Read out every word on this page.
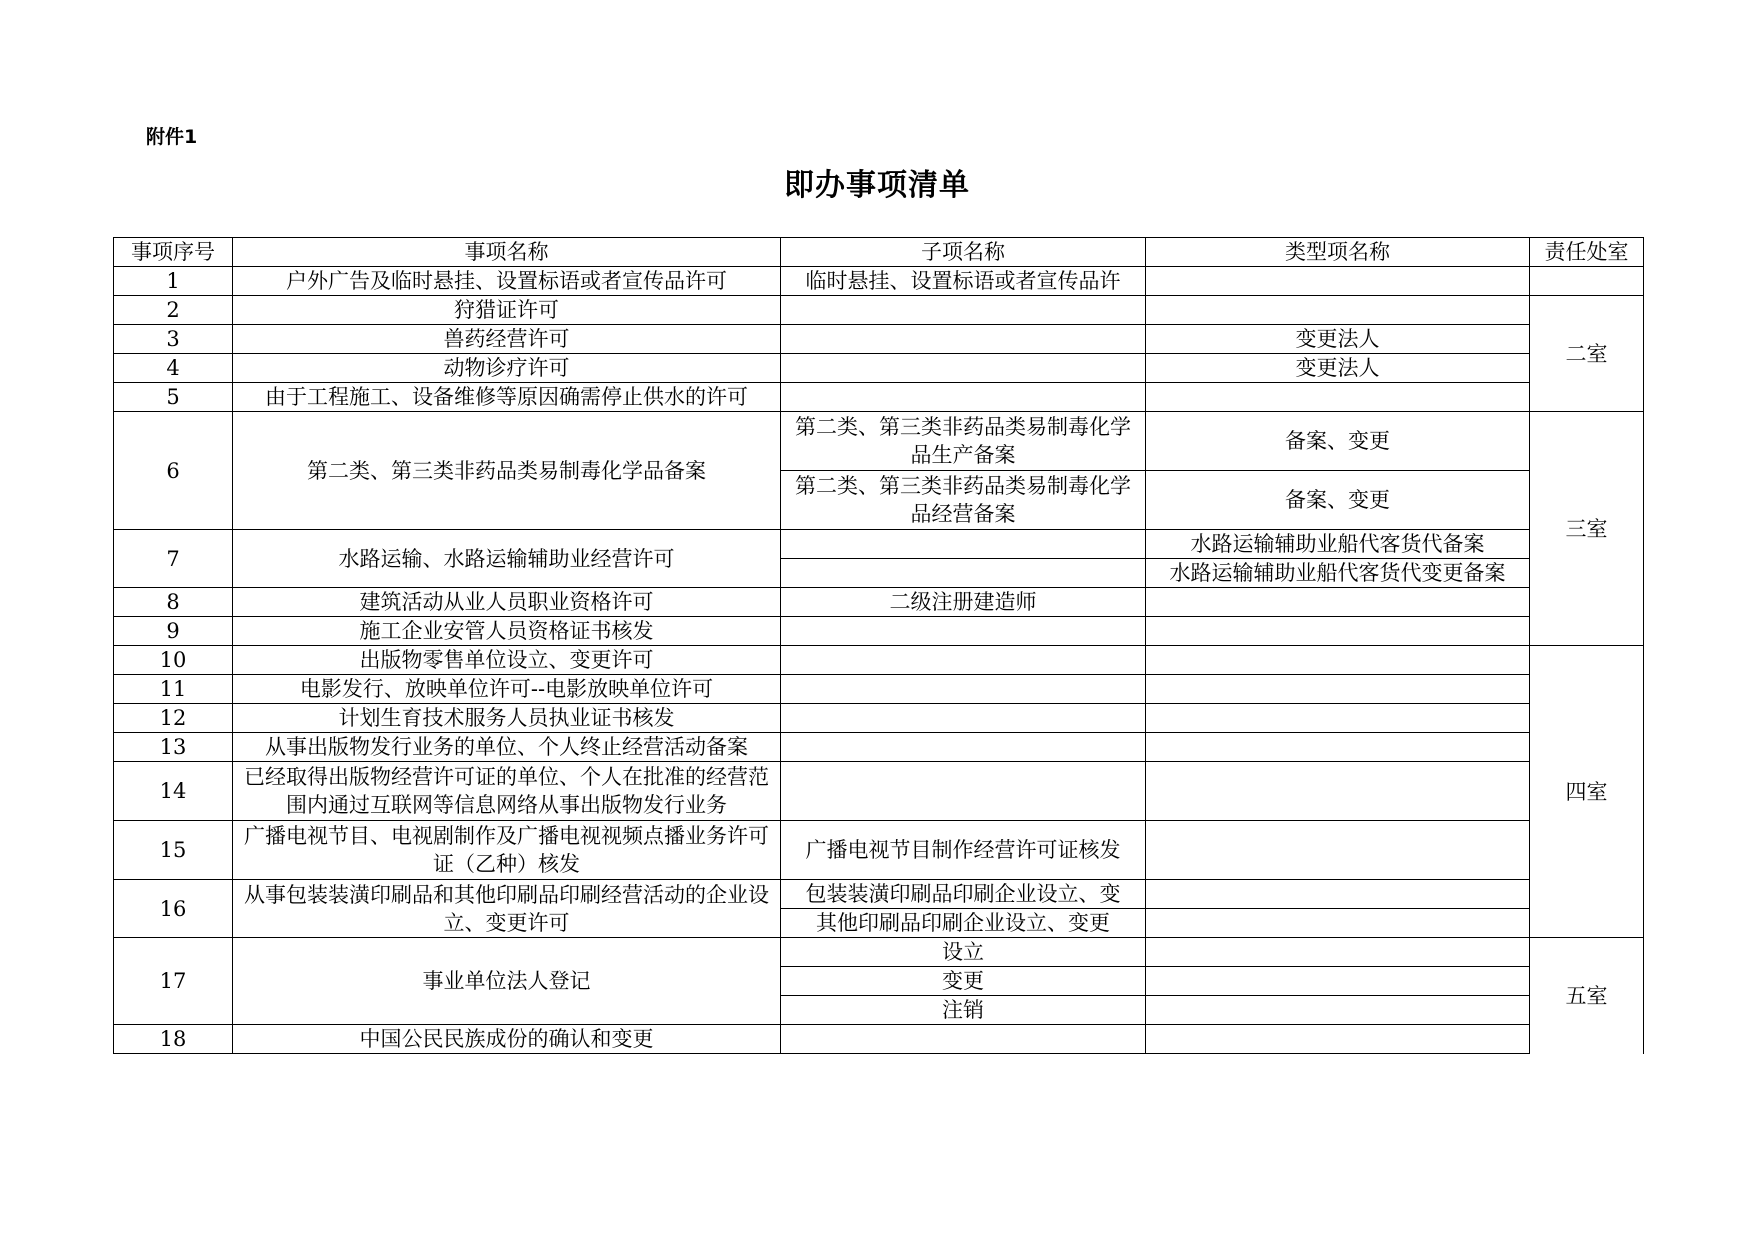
附件1
即办事项清单
事项序号	事项名称	子项名称	类型项名称	责任处室
1	户外广告及临时悬挂、设置标语或者宣传品许可	临时悬挂、设置标语或者宣传品许		
2	狩猎证许可			二室
3	兽药经营许可		变更法人	
4	动物诊疗许可		变更法人	
5	由于工程施工、设备维修等原因确需停止供水的许可			
6	第二类、第三类非药品类易制毒化学品备案	第二类、第三类非药品类易制毒化学品生产备案	备案、变更	三室
		第二类、第三类非药品类易制毒化学品经营备案	备案、变更	
7	水路运输、水路运输辅助业经营许可		水路运输辅助业船代客货代备案	
			水路运输辅助业船代客货代变更备案	
8	建筑活动从业人员职业资格许可	二级注册建造师		
9	施工企业安管人员资格证书核发			
10	出版物零售单位设立、变更许可			四室
11	电影发行、放映单位许可--电影放映单位许可			
12	计划生育技术服务人员执业证书核发			
13	从事出版物发行业务的单位、个人终止经营活动备案			
14	已经取得出版物经营许可证的单位、个人在批准的经营范围内通过互联网等信息网络从事出版物发行业务			
15	广播电视节目、电视剧制作及广播电视视频点播业务许可证（乙种）核发	广播电视节目制作经营许可证核发		
16	从事包装装潢印刷品和其他印刷品印刷经营活动的企业设立、变更许可	包装装潢印刷品印刷企业设立、变		
		其他印刷品印刷企业设立、变更		
17	事业单位法人登记	设立		五室
		变更		
		注销		
18	中国公民民族成份的确认和变更			
